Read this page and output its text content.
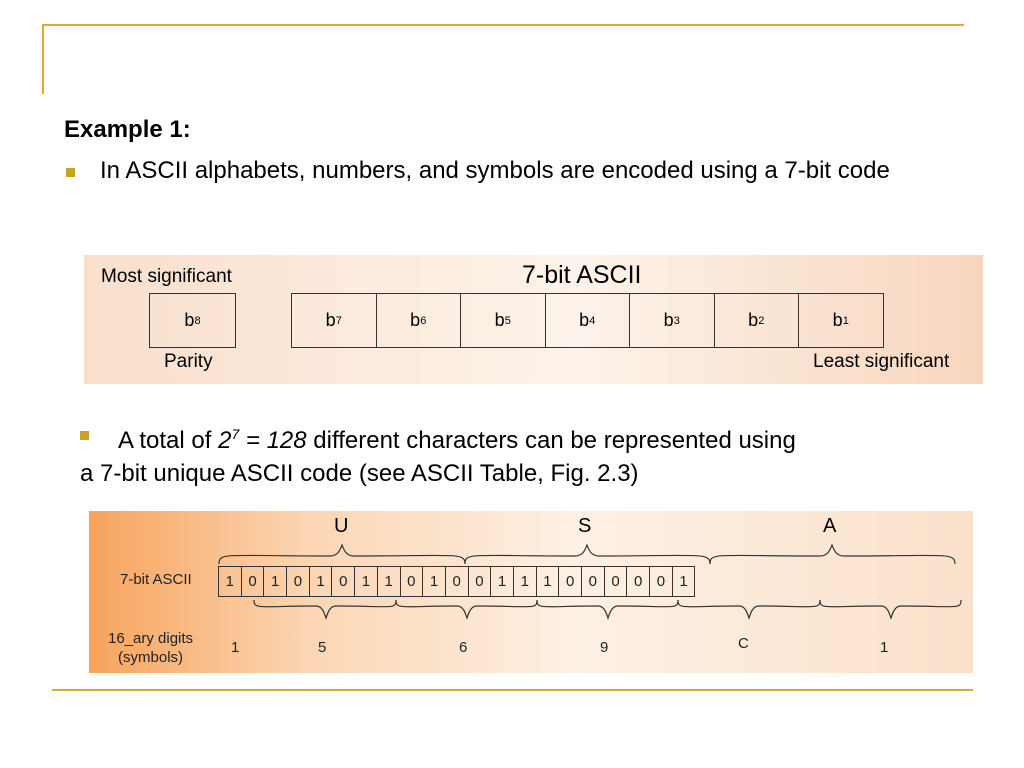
Example 1:
In ASCII alphabets, numbers, and symbols are encoded using a 7-bit code
Most significant	7-bit ASCII
b 8	b 7	b 6	b 5	b 4	b 3	b 2	b 1
Parity	Least significant
A total of $2^7 = 128$ different characters can be represented using
a 7-bit unique ASCII code (see ASCII Table, Fig. 2.3)
U	S	A
7-bit ASCII	1 0 1 0 1 0 1 1 0 1 0 0 1 1 1 0 0 0 0 0 1
16_ary digits
(symbols)
1	5	6	9	C	1
